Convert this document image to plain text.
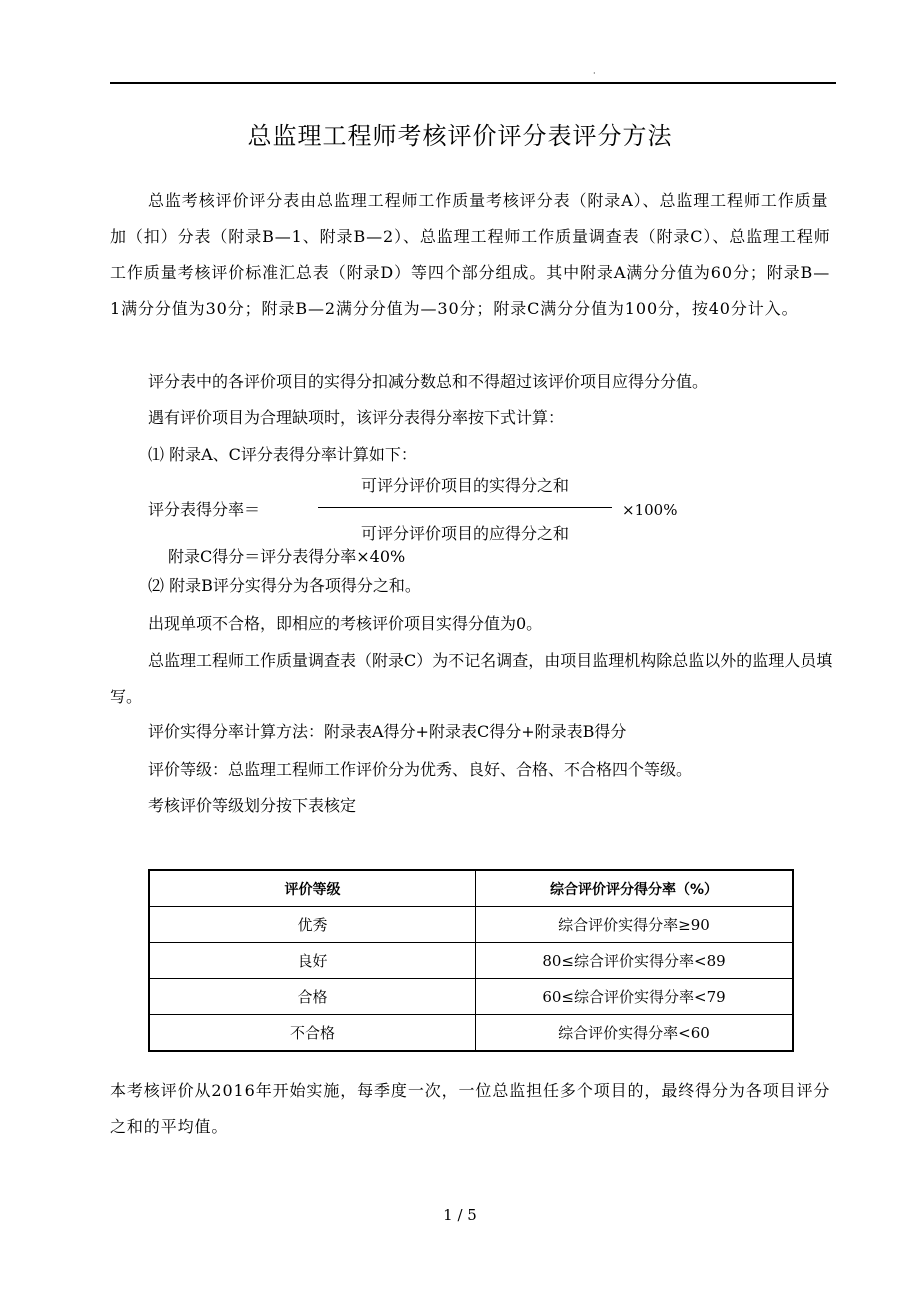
·
总监理工程师考核评价评分表评分方法

总监考核评价评分表由总监理工程师工作质量考核评分表（附录A）、总监理工程师工作质量加（扣）分表（附录B—1、附录B—2）、总监理工程师工作质量调查表（附录C）、总监理工程师工作质量考核评价标准汇总表（附录D）等四个部分组成。其中附录A满分分值为60分；附录B—1满分分值为30分；附录B—2满分分值为—30分；附录C满分分值为100分，按40分计入。

评分表中的各评价项目的实得分扣减分数总和不得超过该评价项目应得分分值。
遇有评价项目为合理缺项时，该评分表得分率按下式计算：
⑴ 附录A、C评分表得分率计算如下：
评分表得分率＝
可评分评价项目的实得分之和
可评分评价项目的应得分之和
×100%
附录C得分＝评分表得分率×40%
⑵ 附录B评分实得分为各项得分之和。
出现单项不合格，即相应的考核评价项目实得分值为0。

总监理工程师工作质量调查表（附录C）为不记名调查，由项目监理机构除总监以外的监理人员填写。

评价实得分率计算方法：附录表A得分+附录表C得分+附录表B得分
评价等级：总监理工程师工作评价分为优秀、良好、合格、不合格四个等级。
考核评价等级划分按下表核定
评价等级	综合评价评分得分率（%）
优秀	综合评价实得分率≥90
良好	80≤综合评价实得分率<89
合格	60≤综合评价实得分率<79
不合格	综合评价实得分率<60

本考核评价从2016年开始实施，每季度一次，一位总监担任多个项目的，最终得分为各项目评分之和的平均值。

1 / 5
